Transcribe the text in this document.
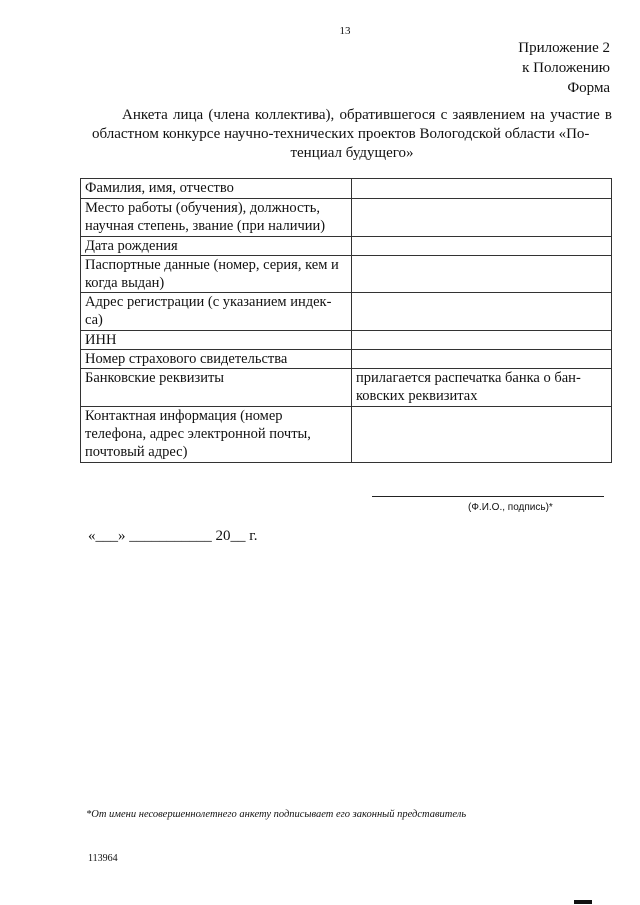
13
Приложение 2
к Положению
Форма
Анкета лица (члена коллектива), обратившегося с заявлением на участие в областном конкурсе научно-технических проектов Вологодской области «По-
тенциал будущего»
Фамилия, имя, отчество	
Место работы (обучения), должность, научная степень, звание (при наличии)	
Дата рождения	
Паспортные данные (номер, серия, кем и когда выдан)	
Адрес регистрации (с указанием индек-са)	
ИНН	
Номер страхового свидетельства	
Банковские реквизиты	прилагается распечатка банка о бан-ковских реквизитах
Контактная информация (номер телефона, адрес электронной почты, почтовый адрес)	
(Ф.И.О., подпись)*
«___» ___________ 20__ г.
*От имени несовершеннолетнего анкету подписывает его законный представитель
113964
